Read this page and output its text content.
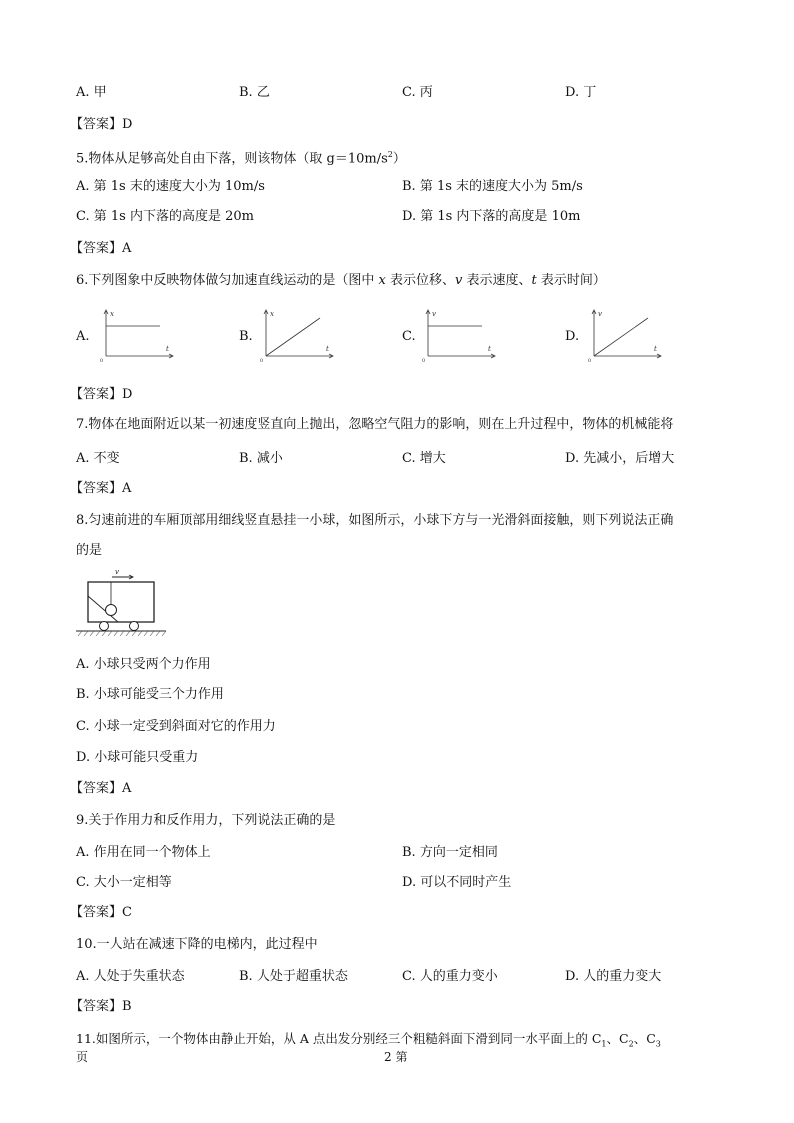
A. 甲	B. 乙	C. 丙	D. 丁
【答案】D
5.物体从足够高处自由下落，则该物体（取 $g=10m/s^2$）
A. 第 1s 末的速度大小为 10m/s	B. 第 1s 末的速度大小为 5m/s
C. 第 1s 内下落的高度是 20m	D. 第 1s 内下落的高度是 10m
【答案】A
6.下列图象中反映物体做匀加速直线运动的是（图中 x 表示位移、v 表示速度、t 表示时间）
A.	B.	C.	D.
x
t
0
x
t
0
v
t
0
v
t
0
【答案】D
7.物体在地面附近以某一初速度竖直向上抛出，忽略空气阻力的影响，则在上升过程中，物体的机械能将
A. 不变	B. 减小	C. 增大	D. 先减小，后增大
【答案】A
8.匀速前进的车厢顶部用细线竖直悬挂一小球，如图所示，小球下方与一光滑斜面接触，则下列说法正确
的是
v
A. 小球只受两个力作用
B. 小球可能受三个力作用
C. 小球一定受到斜面对它的作用力
D. 小球可能只受重力
【答案】A
9.关于作用力和反作用力，下列说法正确的是
A. 作用在同一个物体上	B. 方向一定相同
C. 大小一定相等	D. 可以不同时产生
【答案】C
10.一人站在减速下降的电梯内，此过程中
A. 人处于失重状态	B. 人处于超重状态	C. 人的重力变小	D. 人的重力变大
【答案】B
11.如图所示，一个物体由静止开始，从 A 点出发分别经三个粗糙斜面下滑到同一水平面上的 $C_1$、$C_2$、$C_3$
页	2 第
